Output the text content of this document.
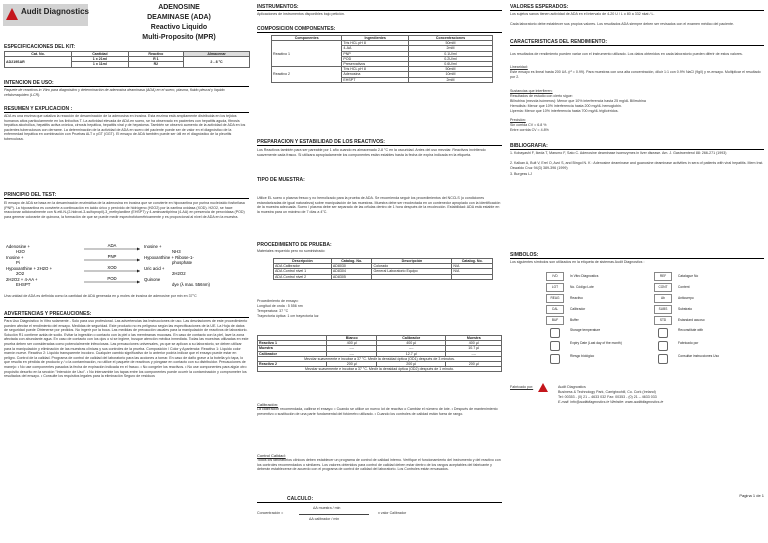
Audit Diagnostics	ADENOSINE
DEAMINASE (ADA)
Reactivo Liquido
Multi-Proposito (MPR)
ESPECIFICACIONES DEL KIT:
Cat. No.	Cantidad	Reactivo	Almacenar
AD219SAR	1 x 21ml	R 1	2 - 8 °C
	1 x 11ml	R2	
INTENCION DE USO:
Paquete de reactivos in Vitro para diagnóstico y determinación de adenosina deaminasa (ADA) en el suero, plasma, fluido pleural y líquido cefalorraquideo (LCR).
RESUMEN Y EXPLICACION :
ADA es una enzima que cataliza la reacción de desaminación de la adenosina en inosina. Esta enzima está ampliamente distribuida en los tejidos humanos altos particularmente en los linfocitos T. La actividad elevada de ADA en suero, se ha observado en pacientes con hepatitis aguda, fibrosis hepática alcohólica, hepatitis activa crónica, cirrosis hepática, hepatitis viral y de hepatoma. También se observó aumento de la actividad de ADA en los pacientes tuberculosos con derrame. La determinación de la actividad de ADA en suero del paciente puede ser de valor en el diagnóstico de la enfermedad hepática en combinación con Pruebas ALT o yGT (GGT). El ensayo de ADA también puede ser útil en el diagnóstico de la pleuritis tuberculosa.
PRINCIPIO DEL TEST:
El ensayo de ADA se basa en la desaminación enzimática de la adenosina en inosina que se convierte en hipoxantina por purina nucleósido fosforilasa (PNP). La hipoxantina es convierte a continuación en ácido úrico y peróxido de hidrógeno (H2O2) por la xantina oxidasa (XOD). H2O2, se hace reaccionar adicionalmente con N-etil-N-(2-hidroxi-3-sulfopropil)-3_methylaniline (EHSPT) y 4-aminoantipirina (4-AA) en presencia de peroxidasa (POD) para generar colorante de quinona, la formación de que se puede medir espectrofotométricamente y es proporcional al nivel de ADA en la muestra.
Adenosine +
H2O
ADA	Inosine +
NH3
Inosine +
Pi
PNP	Hypoxanthine + Ribose-1-
phosphate
Hypoxanthine + 2H2O +
2O2
XOD	Uric acid +
2H2O2
2H2O2 + 4-AA +
EHSPT
POD	Quinone
dye (λ max. 556nm)
Una unidad de ADA es definida como la cantidad de ADA generada en µ moles de inosina de adenosine por min en 37°C
ADVERTENCIAS Y PRECAUCIONES:
Para Uso Diagnóstico In Vitro solamente - Solo para uso profesional. Las advertencias las Instrucciones de uso. Las desviaciones de este procedimiento pueden afectar el rendimiento del ensayo. Medidas de seguridad. Este producto no es peligroso según las especificaciones de la UE. La Hoja de datos de seguridad puede Obtenerse por pedidos. No ingerir por la boca. Las medidas de precaución usuales para la manipulación de reactivos de laboratorio. Solución R1 contiene azida de sodio. Evitar la ingestión o contacto con la piel o las membranas mucosas. En caso de contacto con la piel, lave la zona afectada con abundante agua. En caso de contacto con los ojos o si se ingiere, busque atención médica inmediata. Todas las muestras utilizadas en este prueba deben ser consideradas como potencialmente infecciosas. Las precauciones universales, ya que se aplican a su laboratorio, se deben utilizar para la manipulación y eliminación de las muestras clínicas y sus controles de la prueba. Composición / Color y Apariencia: Reactivo 1: Líquido color marrón nueve. Reactivo 2: Líquido transparente incoloro. Cualquier cambio significativo de lo anterior podría indicar que el ensayo puede estar en peligro. Control de la calidad. Programa de control de calidad del laboratorio para las acciones a tomar. En caso de daño grave a la botella y/o tapa, lo que resulta en pérdida de producto y / o la contaminación, no utilice el paquete de reactivos y póngase en contacto con su distribuidor. Precauciones de manejo: • No use componentes pasados la fecha de expiración indicada en el frasco. • No congeler los reactivos. • No use componentes para algún otro propósito descrito en la sección "Intención de Uso". • No intercambie los tapas entre los componentes puede ocurrir la contaminación y comprometer los resultados del ensayo. • Consulte los requisitos legales para la eliminación Seguro de residuos
INSTRUMENTOS:
Aplicaciones de instrumentos disponibles bajo petición.
COMPOSICION COMPONENTES:
Componentes	Ingredientes	Concentraciones
Reactivo 1	Tris HCL pH 8	50mM
	4-AA	2mM
	PNP	0.1U/ml
	POD	0.2U/ml
	Preservativos	0.6U/ml
Reactivo 2	Tris HCL pH 8	50mM
	Adenosina	10mM
	EHSPT	2mM
PREPARACION Y ESTABILIDAD DE LOS REACTIVOS:
Los Reactivos también para ser pareable por 1 año cuando es almacenado 2-8 °C en la oscuridad. Antes del uso mezclar. Reactivos invirtiendo suavemente cada frasco. Si utilizara apropiadamente los componentes están estables hasta la fecha de expira indicada en la etiqueta.
TIPO DE MUESTRA:
Utilice EL suero o plasma fresco y no hemolizado para la prueba de ADA. Se recomienda seguir los procedimientos del NCCLS (o condiciones estandarizadas de igual naturaleza) sobre manipulación de las muestras. Muestra debe ser recolectada en un contenedor apropiado con la identificación de la muestra adecuada. Suero / plasma debe ser separado de las células dentro de 1 hora después de la recolección. Estabilidad: ADA está estable en la muestra para un máximo de 7 días a 4°C.
PROCEDIMIENTO DE PRUEBA:
Materiales requerido pero no suministrado:
Descripción	Catalog. No.	Descripción	Catalog. No.
ADA Calibrador	AD8030	Colorado	N/A
ADA Control nivel 1	AD8304	General Laboratorio Equipo	N/A
ADA Control nivel 2	AD8305		
Procedimiento de ensayo:
Longitud de onda : 5 556 nm
Temperatura: 37 °C
Trayectoria óptica: 1 cm trayectoria luz
	Blanco	Calibrador	Muestra
Reactivo 1	400 µl	400 µl	400 µl
Muestra	----	----	10.7 µl
Calibrador	----	12.7 µl	----
Mezclar suavemente e incubar a 37 °C. Medir la densidad óptica (OD1) después de 3 minutos.			
Reactivo 2	200 µl	200 µl	200 µl
Mezclar suavemente e incubar a 37 °C. Medir la densidad óptica (OD2) después de 1 minuto.			
Calibración:
La calibración recomendada, calibrar el ensayo: • Cuando se utilice un nuevo lot de reactivo o Cambiar el número de lote. • Después de mantenimiento preventivo o sustitución de una parte fundamental del fotómetro utilizado. • Cuando los controles de calidad están fuera de rango.
Control Calidad:
Todos los laboratorios clínicos deben establecer un programa de control de calidad interno. Verifique el funcionamiento del instrumento y del reactivo con los controles recomendados o similares. Los valores obtenidos para control de calidad deben estar dentro de los rangos aceptables del fabricante y deberán establecerse de acuerdo con el programa de control de calidad del laboratorio. Los Controles están envasados.
CALCULO:
ΔA muestra / min
Concentración =	x valor Calibrador
ΔA calibrador / min
VALORES ESPERADOS:
Los sujetos sanos tienen actividad de ADA en el intervalo de 4-20 U / L o 80 a 332 nkat / L.
Cada laboratorio debe establecer sus propios valores. Los resultados ADA siempre deben ser revisados con el examen médico del paciente.
CARACTERISTICAS DEL RENDIMIENTO:
Los resultados de rendimiento pueden variar con el instrumento utilizado. Los datos obtenidos en cada laboratorio pueden diferir de estos valores.
Linearidad:
Este ensayo es lineal hasta 200 U/L (r² = 0.99). Para muestras con una alta concentración, diluir 1:1 con 0.9% NaCl (9g/l) y re-ensayo. Multiplicar el resultado por 2.
Sustancias que interfieren:
Resultados de estudio con cierto sigue:
Bilirubina (mezcla isómeros): Menor que 10% interferencia hasta 25 mg/dL Bilirrubina
Hemolisis: Menor que 10% interferencia hasta 200 mg/dL hemoglobin.
Lipemia: Menor que 10% interferencia hasta 700 mg/dL triglicéridos.
Precisión:
Sin corrida CV = 6.8 %
Entre corrida CV = 4.8%
BIBLIOGRAFIA:
1. Kobayashi F, Ikeda T, Marumo F, Sato C. Adenosine deaminase isoenzymes in liver disease. Am. J. Gastroenterol 88: 266-271 (1993)
2. Kalkan A, Bult V, Erel O, Avci S, and Bingol N. K : Adenosine deaminase and guanosine deaminase activities in sera of patients with viral hepatitis. Mem Inst. Oswaldo Cruz 94(3) 389-396 (1999)
3. Burgess LJ
SIMBOLOS:
Los siguientes símbolos son utilizados en la etiqueta de sistemas Audit Diagnostics :
IVD	In Vitro Diagnostics
LOT	No. Código Lote
REAG	Reactivo
CAL	Calibrador
BUF	Buffer
REF	Catalogue No
CONT	Content
Ab	Anticuerpo
SUBS	Substrato
STD	Estandard acuoso
Storage temperature
Expiry Date (Last day of the month)
Riesgo biológico
Reconstitute with
Fabricado por
Consultar instrucciones Uso
Fabricado por:	Audit Diagnostics
Business & Technology Park, Carrigtwohill, Co. Cork (Ireland)
Tel: 00353 - (0) 21 – 4633 032 Fax: 00353 - (0) 21 – 4633 033
E-mail: info@auditdiagnostics.ie Website: www.auditdiagnostics.ie
Pagina 1 de 1
